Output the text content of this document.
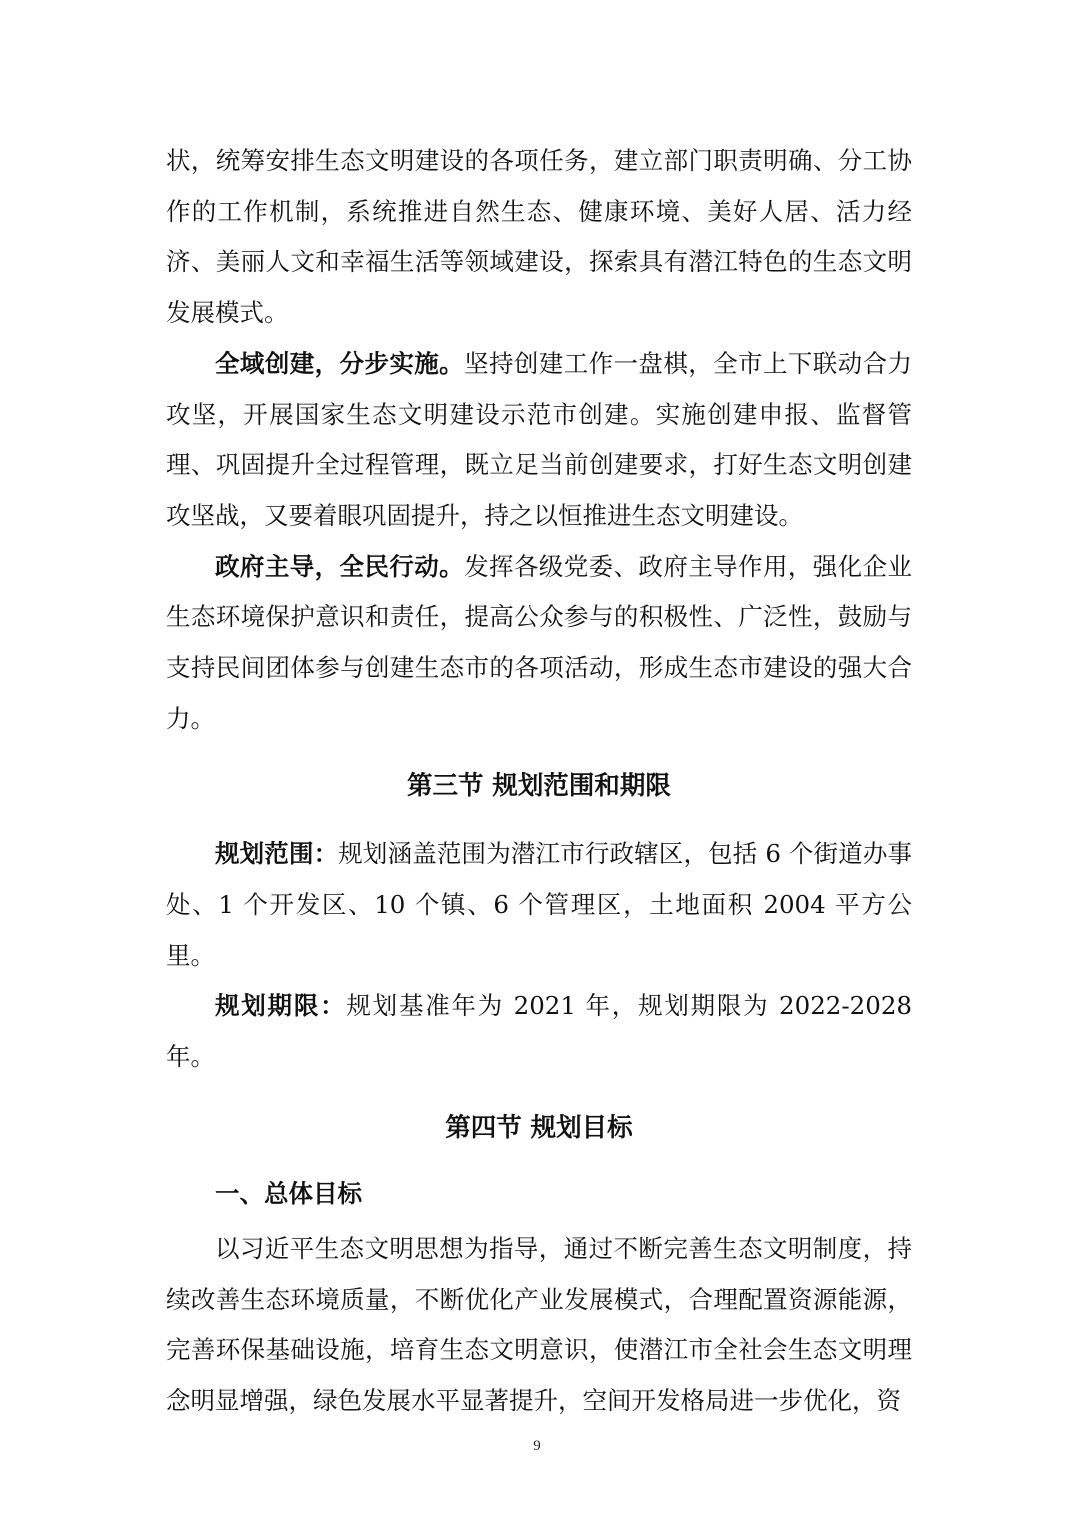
状，统筹安排生态文明建设的各项任务，建立部门职责明确、分工协作的工作机制，系统推进自然生态、健康环境、美好人居、活力经济、美丽人文和幸福生活等领域建设，探索具有潜江特色的生态文明发展模式。

全域创建，分步实施。坚持创建工作一盘棋，全市上下联动合力攻坚，开展国家生态文明建设示范市创建。实施创建申报、监督管理、巩固提升全过程管理，既立足当前创建要求，打好生态文明创建攻坚战，又要着眼巩固提升，持之以恒推进生态文明建设。

政府主导，全民行动。发挥各级党委、政府主导作用，强化企业生态环境保护意识和责任，提高公众参与的积极性、广泛性，鼓励与支持民间团体参与创建生态市的各项活动，形成生态市建设的强大合力。

第三节 规划范围和期限

规划范围：规划涵盖范围为潜江市行政辖区，包括 6 个街道办事处、1 个开发区、10 个镇、6 个管理区，土地面积 2004 平方公里。

规划期限：规划基准年为 2021 年，规划期限为 2022-2028 年。

第四节 规划目标
一、总体目标

以习近平生态文明思想为指导，通过不断完善生态文明制度，持续改善生态环境质量，不断优化产业发展模式，合理配置资源能源，完善环保基础设施，培育生态文明意识，使潜江市全社会生态文明理念明显增强，绿色发展水平显著提升，空间开发格局进一步优化，资

9
